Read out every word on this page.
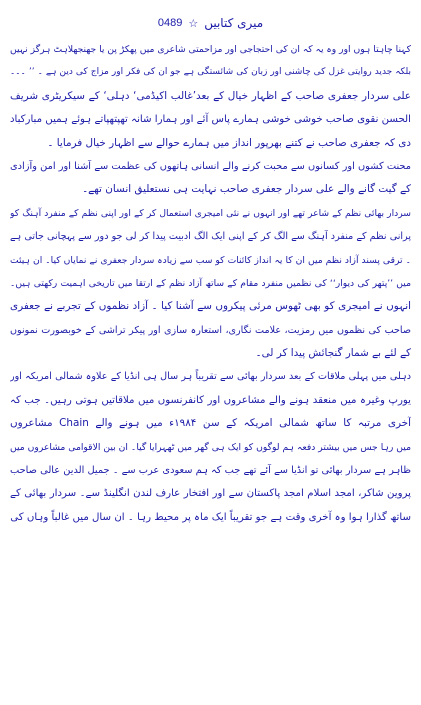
میری کتابیں
☆
0489
کہنا چاہتا ہوں اور وہ یہ کہ ان کی احتجاجی اور مزاحمتی شاعری میں پھکڑ پن یا جھنجھلاہٹ ہرگز نہیں
بلکہ جدید روایتی غزل کی چاشنی اور زبان کی شائستگی ہے جو ان کی فکر اور مزاج کی دین ہے ۔ ’’ ۔۔۔
علی سردار جعفری صاحب کے اظہار خیال کے بعد’غالب اکیڈمی‘ دہلی‘ کے سیکریٹری شریف
الحسن نقوی صاحب خوشی خوشی ہمارے پاس آئے اور ہمارا شانہ تھپتھپاتے ہوئے ہمیں مبارکباد
دی کہ جعفری صاحب نے کتنے بھرپور انداز میں ہمارے حوالے سے اظہار خیال فرمایا ۔
محنت کشوں اور کسانوں سے محبت کرنے والے انسانی ہاتھوں کی عظمت سے آشنا اور امن وآزادی
کے گیت گانے والے علی سردار جعفری صاحب نہایت ہی نستعلیق انسان تھے۔
سردار بھائی نظم کے شاعر تھے اور انہوں نے نئی امیجری استعمال کر کے اور اپنی نظم کے منفرد آہنگ کو
پرانی نظم کے منفرد آہنگ سے الگ کر کے اپنی ایک الگ ادبیت پیدا کر لی جو دور سے پہچانی جاتی ہے
۔ ترقی پسند آزاد نظم میں ان کا یہ انداز کائنات کو سب سے زیادہ سردار جعفری نے نمایاں کیا۔ ان ہیئت
میں ’’پتھر کی دیوار‘‘ کی نظمیں منفرد مقام کے ساتھ آزاد نظم کے ارتقا میں تاریخی اہمیت رکھتی ہیں۔
انہوں نے امیجری کو بھی ٹھوس مرئی پیکروں سے آشنا کیا ۔ آزاد نظموں کے تجربے نے جعفری
صاحب کی نظموں میں رمزیت، علامت نگاری، استعارہ سازی اور پیکر تراشی کے خوبصورت نمونوں
کے لئے بے شمار گنجائش پیدا کر لی۔
دہلی میں پہلی ملاقات کے بعد سردار بھائی سے تقریباً ہر سال ہی انڈیا کے علاوہ شمالی امریکہ اور
یورپ وغیرہ میں منعقد ہونے والے مشاعروں اور کانفرنسوں میں ملاقاتیں ہوتی رہیں۔ جب کہ
آخری مرتبہ کا ساتھ شمالی امریکہ کے سن ۱۹۸۴ء میں ہونے والے Chain مشاعروں
میں رہا جس میں بیشتر دفعہ ہم لوگوں کو ایک ہی گھر میں ٹھہرایا گیا۔ ان بین الاقوامی مشاعروں میں
ظاہر ہے سردار بھائی تو انڈیا سے آئے تھے جب کہ ہم سعودی عرب سے ۔ جمیل الدین عالی صاحب
پروین شاکر، امجد اسلام امجد پاکستان سے اور افتخار عارف لندن انگلینڈ سے۔ سردار بھائی کے
ساتھ گذارا ہوا وہ آخری وقت ہے جو تقریباً ایک ماہ پر محیط رہا ۔ ان سال میں غالباً وہاں کی
